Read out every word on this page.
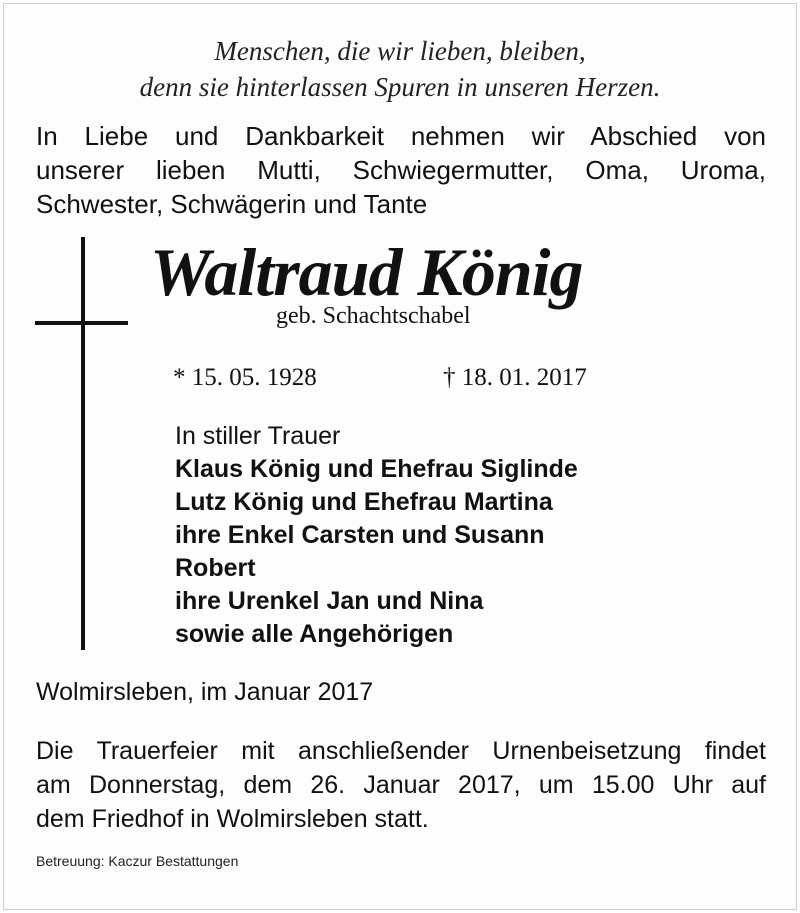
Menschen, die wir lieben, bleiben,
denn sie hinterlassen Spuren in unseren Herzen.
In Liebe und Dankbarkeit nehmen wir Abschied von
unserer lieben Mutti, Schwiegermutter, Oma, Uroma,
Schwester, Schwägerin und Tante
Waltraud König
geb. Schachtschabel
* 15. 05. 1928	† 18. 01. 2017
In stiller Trauer
Klaus König und Ehefrau Siglinde
Lutz König und Ehefrau Martina
ihre Enkel Carsten und Susann
Robert
ihre Urenkel Jan und Nina
sowie alle Angehörigen
Wolmirsleben, im Januar 2017
Die Trauerfeier mit anschließender Urnenbeisetzung findet
am Donnerstag, dem 26. Januar 2017, um 15.00 Uhr auf
dem Friedhof in Wolmirsleben statt.
Betreuung: Kaczur Bestattungen
